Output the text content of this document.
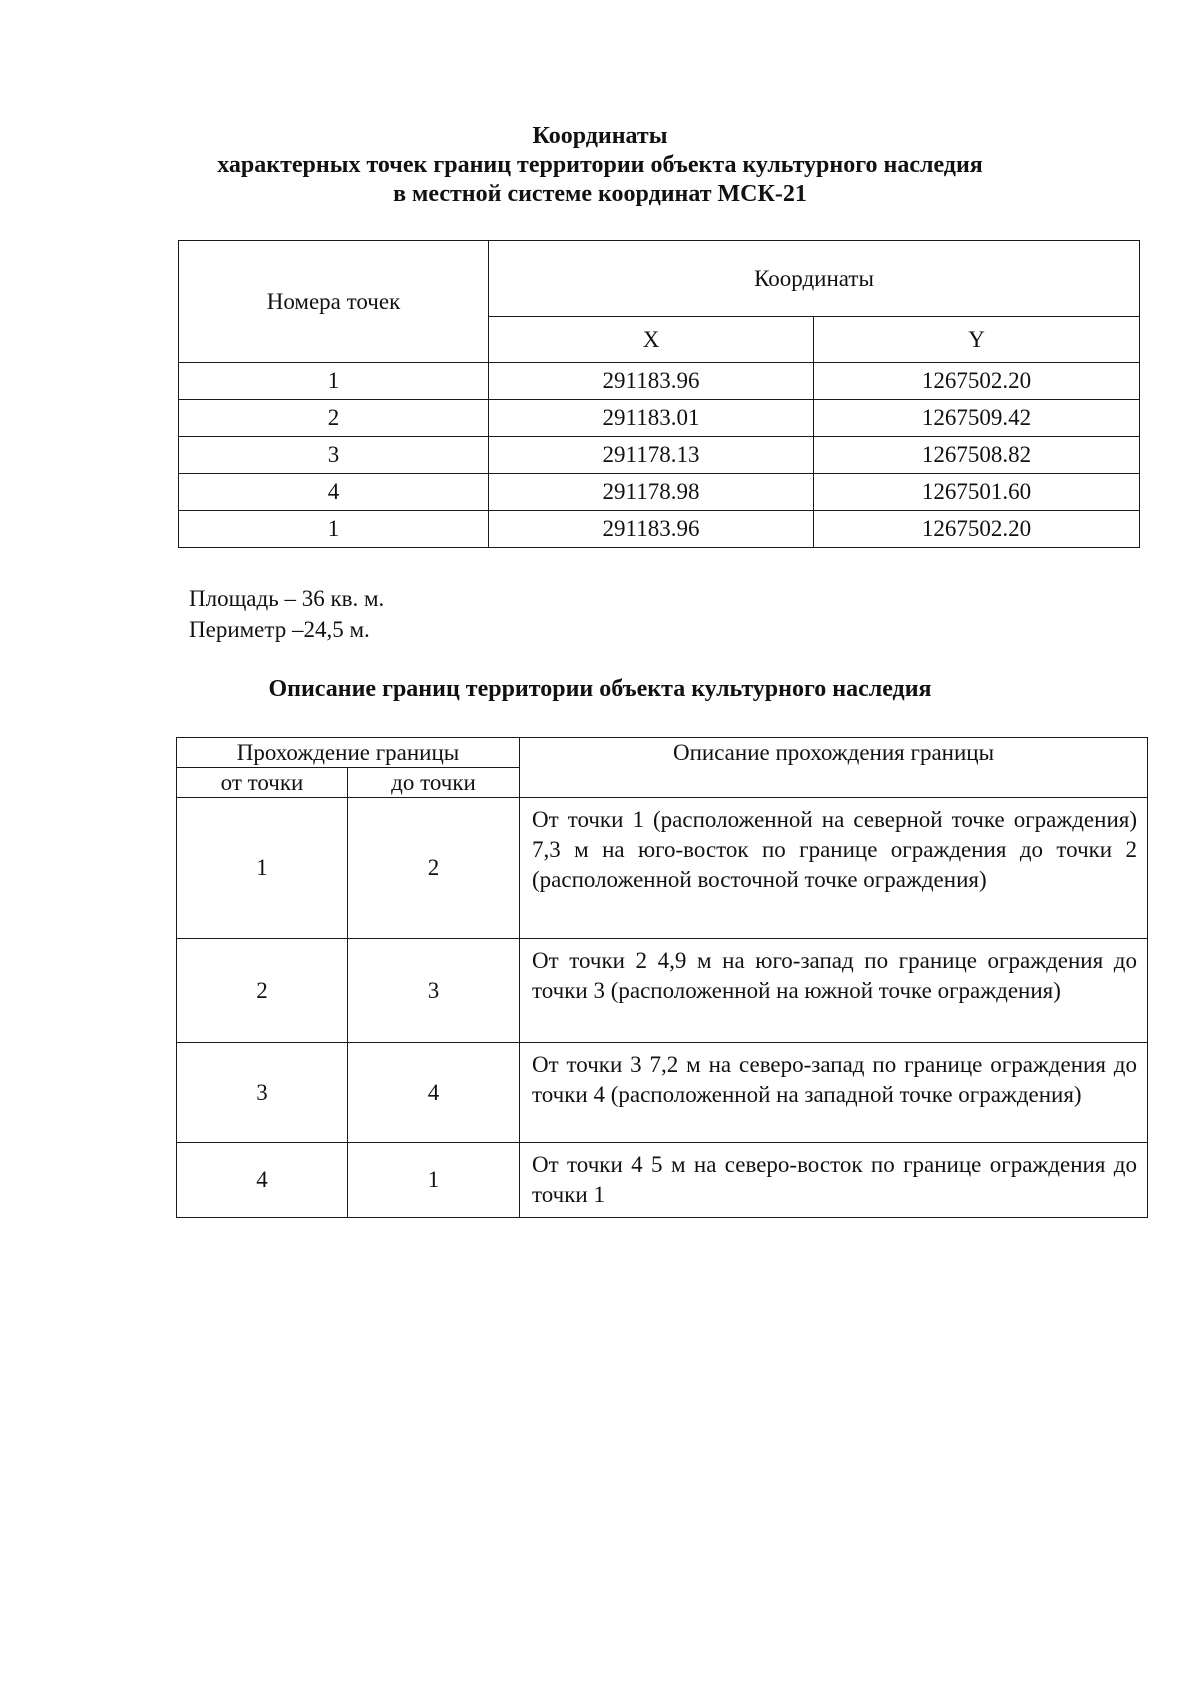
Координаты
характерных точек границ территории объекта культурного наследия
в местной системе координат МСК-21
Номера точек	Координаты	
	X	Y
1	291183.96	1267502.20
2	291183.01	1267509.42
3	291178.13	1267508.82
4	291178.98	1267501.60
1	291183.96	1267502.20
Площадь – 36 кв. м.
Периметр –24,5 м.
Описание границ территории объекта культурного наследия
Прохождение границы		Описание прохождения границы
от точки	до точки	
1	2	От точки 1 (расположенной на северной точке ограждения) 7,3 м на юго-восток по границе ограждения до точки 2 (расположенной восточной точке ограждения)
2	3	От точки 2 4,9 м на юго-запад по границе ограждения до точки 3 (расположенной на южной точке ограждения)
3	4	От точки 3 7,2 м на северо-запад по границе ограждения до точки 4 (расположенной на западной точке ограждения)
4	1	От точки 4 5 м на северо-восток по границе ограждения до точки 1
